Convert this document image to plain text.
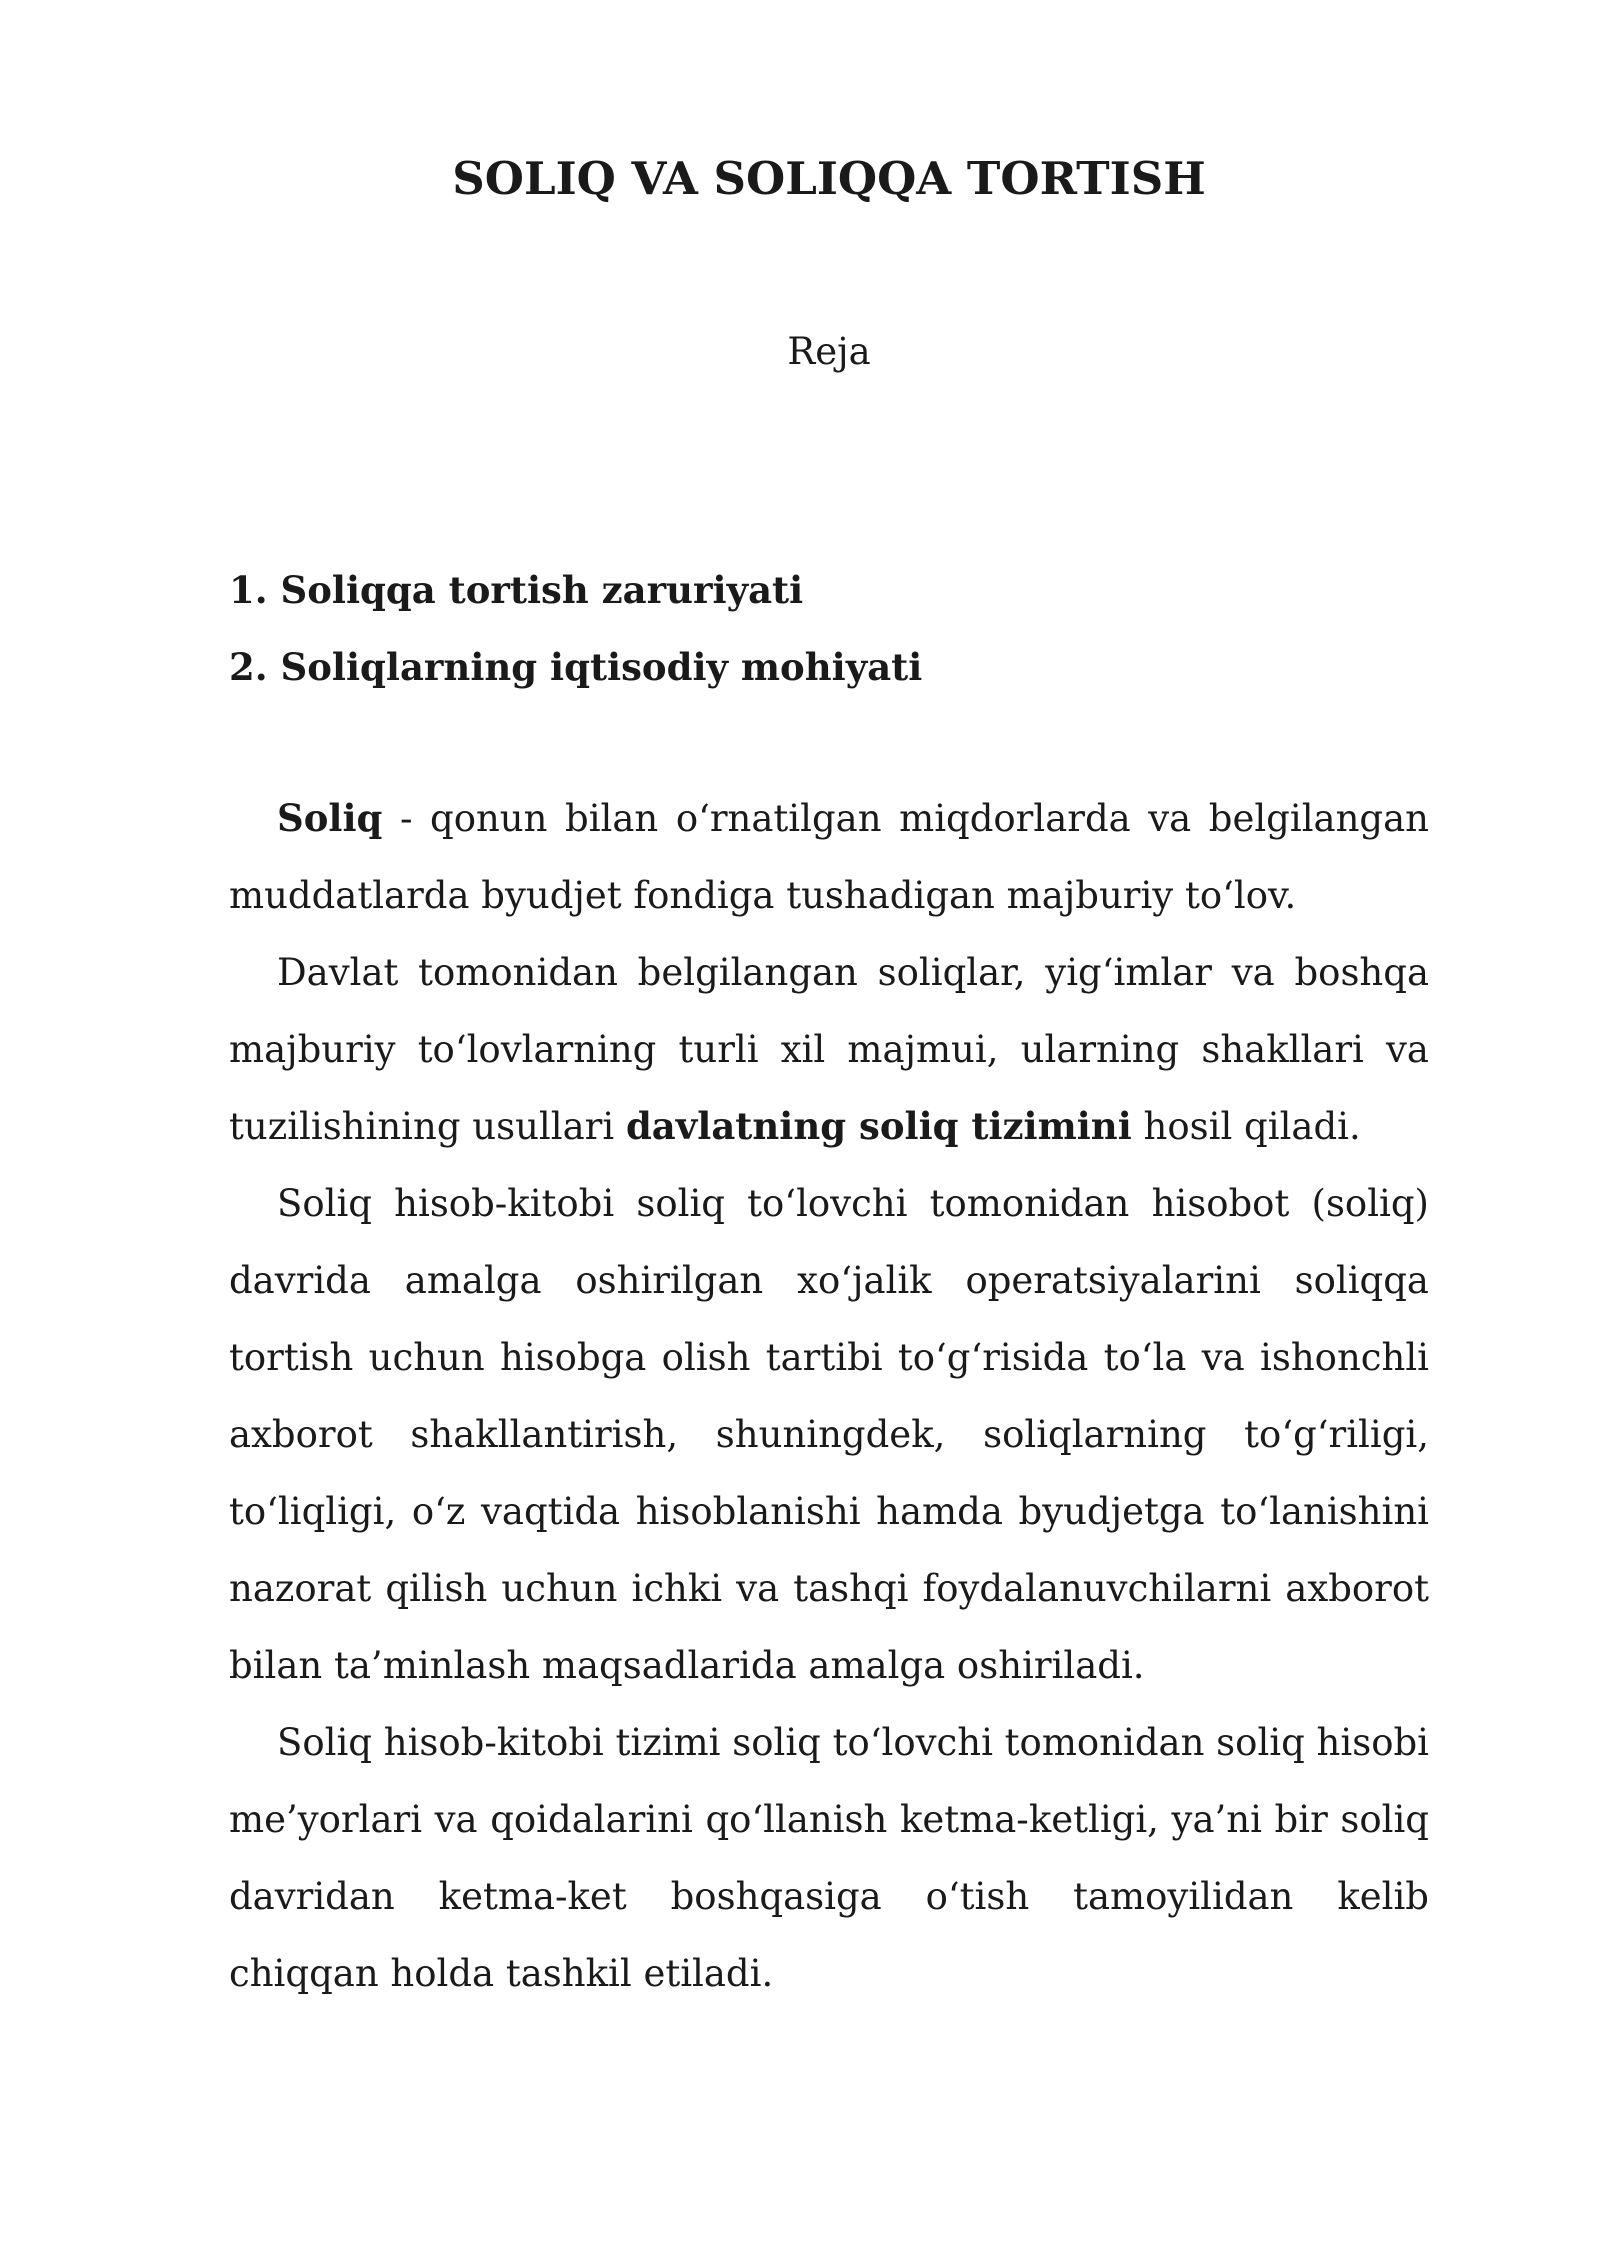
SOLIQ VA SOLIQQA TORTISH
Reja
1. Soliqqa tortish zaruriyati
2. Soliqlarning iqtisodiy mohiyati

Soliq - qonun bilan o‘rnatilgan miqdorlarda va belgilangan muddatlarda byudjet fondiga tushadigan majburiy to‘lov.

Davlat tomonidan belgilangan soliqlar, yig‘imlar va boshqa majburiy to‘lovlarning turli xil majmui, ularning shakllari va tuzilishining usullari davlatning soliq tizimini hosil qiladi.

Soliq hisob-kitobi soliq to‘lovchi tomonidan hisobot (soliq) davrida amalga oshirilgan xo‘jalik operatsiyalarini soliqqa tortish uchun hisobga olish tartibi to‘g‘risida to‘la va ishonchli axborot shakllantirish, shuningdek, soliqlarning to‘g‘riligi, to‘liqligi, o‘z vaqtida hisoblanishi hamda byudjetga to‘lanishini nazorat qilish uchun ichki va tashqi foydalanuvchilarni axborot bilan ta’minlash maqsadlarida amalga oshiriladi.

Soliq hisob-kitobi tizimi soliq to‘lovchi tomonidan soliq hisobi me’yorlari va qoidalarini qo‘llanish ketma-ketligi, ya’ni bir soliq davridan ketma-ket boshqasiga o‘tish tamoyilidan kelib chiqqan holda tashkil etiladi.
